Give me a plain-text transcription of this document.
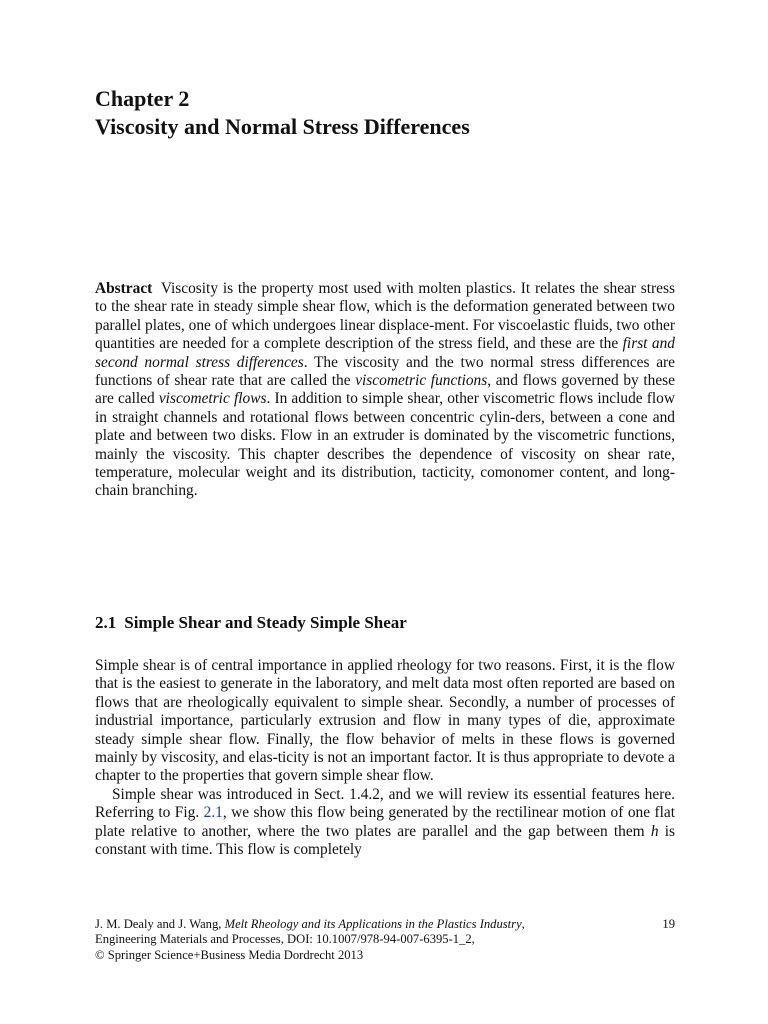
Chapter 2
Viscosity and Normal Stress Differences
Abstract Viscosity is the property most used with molten plastics. It relates the shear stress to the shear rate in steady simple shear flow, which is the deformation generated between two parallel plates, one of which undergoes linear displace-ment. For viscoelastic fluids, two other quantities are needed for a complete description of the stress field, and these are the first and second normal stress differences. The viscosity and the two normal stress differences are functions of shear rate that are called the viscometric functions, and flows governed by these are called viscometric flows. In addition to simple shear, other viscometric flows include flow in straight channels and rotational flows between concentric cylin-ders, between a cone and plate and between two disks. Flow in an extruder is dominated by the viscometric functions, mainly the viscosity. This chapter describes the dependence of viscosity on shear rate, temperature, molecular weight and its distribution, tacticity, comonomer content, and long-chain branching.
2.1 Simple Shear and Steady Simple Shear

Simple shear is of central importance in applied rheology for two reasons. First, it is the flow that is the easiest to generate in the laboratory, and melt data most often reported are based on flows that are rheologically equivalent to simple shear. Secondly, a number of processes of industrial importance, particularly extrusion and flow in many types of die, approximate steady simple shear flow. Finally, the flow behavior of melts in these flows is governed mainly by viscosity, and elas-ticity is not an important factor. It is thus appropriate to devote a chapter to the properties that govern simple shear flow.

Simple shear was introduced in Sect. 1.4.2, and we will review its essential features here. Referring to Fig. 2.1, we show this flow being generated by the rectilinear motion of one flat plate relative to another, where the two plates are parallel and the gap between them h is constant with time. This flow is completely

J. M. Dealy and J. Wang, Melt Rheology and its Applications in the Plastics Industry,
Engineering Materials and Processes, DOI: 10.1007/978-94-007-6395-1_2,
© Springer Science+Business Media Dordrecht 2013
19
